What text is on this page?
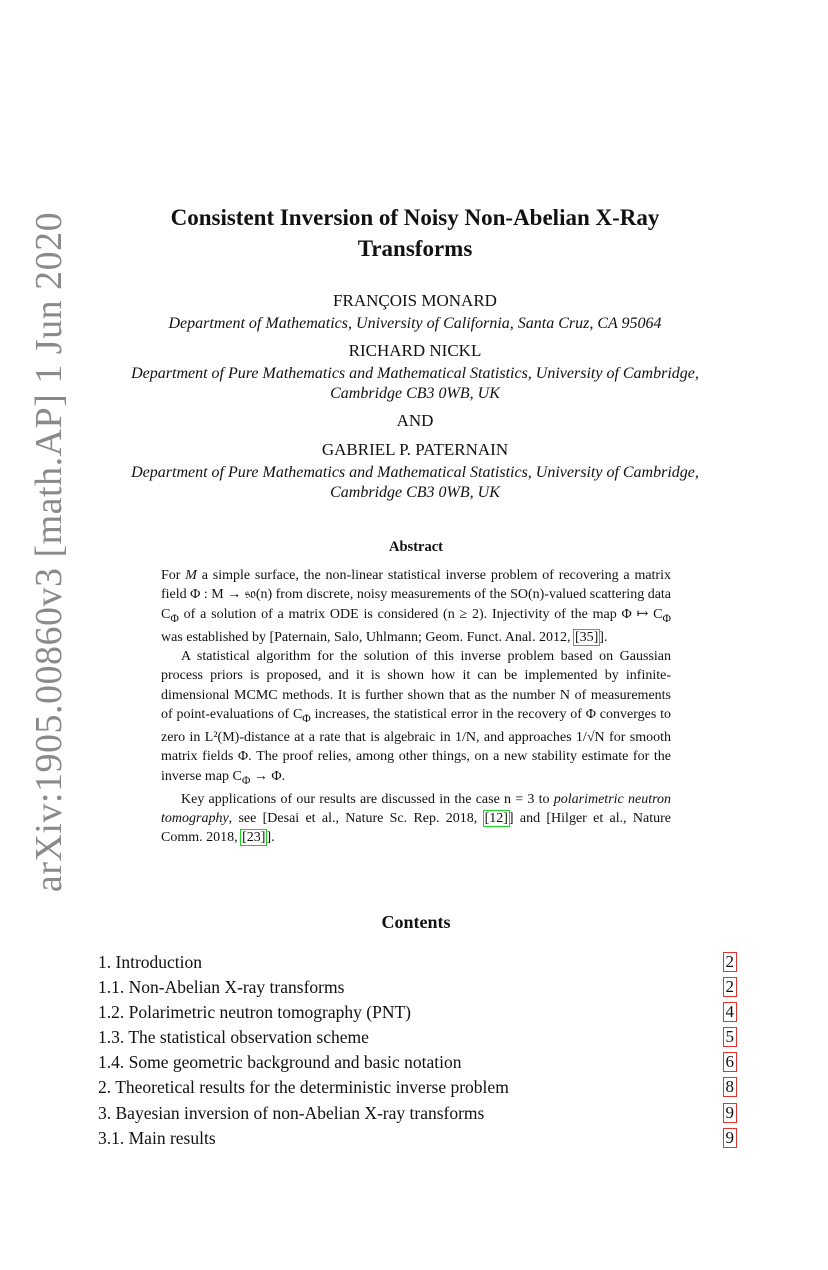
arXiv:1905.00860v3 [math.AP] 1 Jun 2020	Consistent Inversion of Noisy Non-Abelian X-Ray
Transforms
FRANÇOIS MONARD
Department of Mathematics, University of California, Santa Cruz, CA 95064
RICHARD NICKL
Department of Pure Mathematics and Mathematical Statistics, University of Cambridge,
Cambridge CB3 0WB, UK
AND
GABRIEL P. PATERNAIN
Department of Pure Mathematics and Mathematical Statistics, University of Cambridge,
Cambridge CB3 0WB, UK
Abstract

For M a simple surface, the non-linear statistical inverse problem of recovering a matrix field Φ : M → 𝔰𝔬(n) from discrete, noisy measurements of the SO(n)-valued scattering data $C_\Phi$ of a solution of a matrix ODE is considered (n ≥ 2). Injectivity of the map Φ ↦ $C_\Phi$ was established by [Paternain, Salo, Uhlmann; Geom. Funct. Anal. 2012, [35]].

A statistical algorithm for the solution of this inverse problem based on Gaussian process priors is proposed, and it is shown how it can be implemented by infinite-dimensional MCMC methods. It is further shown that as the number N of measurements of point-evaluations of $C_\Phi$ increases, the statistical error in the recovery of Φ converges to zero in L²(M)-distance at a rate that is algebraic in 1/N, and approaches 1/√N for smooth matrix fields Φ. The proof relies, among other things, on a new stability estimate for the inverse map $C_\Phi \to \Phi$.

Key applications of our results are discussed in the case n = 3 to polarimetric neutron tomography, see [Desai et al., Nature Sc. Rep. 2018, [12]] and [Hilger et al., Nature Comm. 2018, [23]].

Contents
1. Introduction	2
1.1. Non-Abelian X-ray transforms	2
1.2. Polarimetric neutron tomography (PNT)	4
1.3. The statistical observation scheme	5
1.4. Some geometric background and basic notation	6
2. Theoretical results for the deterministic inverse problem	8
3. Bayesian inversion of non-Abelian X-ray transforms	9
3.1. Main results	9
